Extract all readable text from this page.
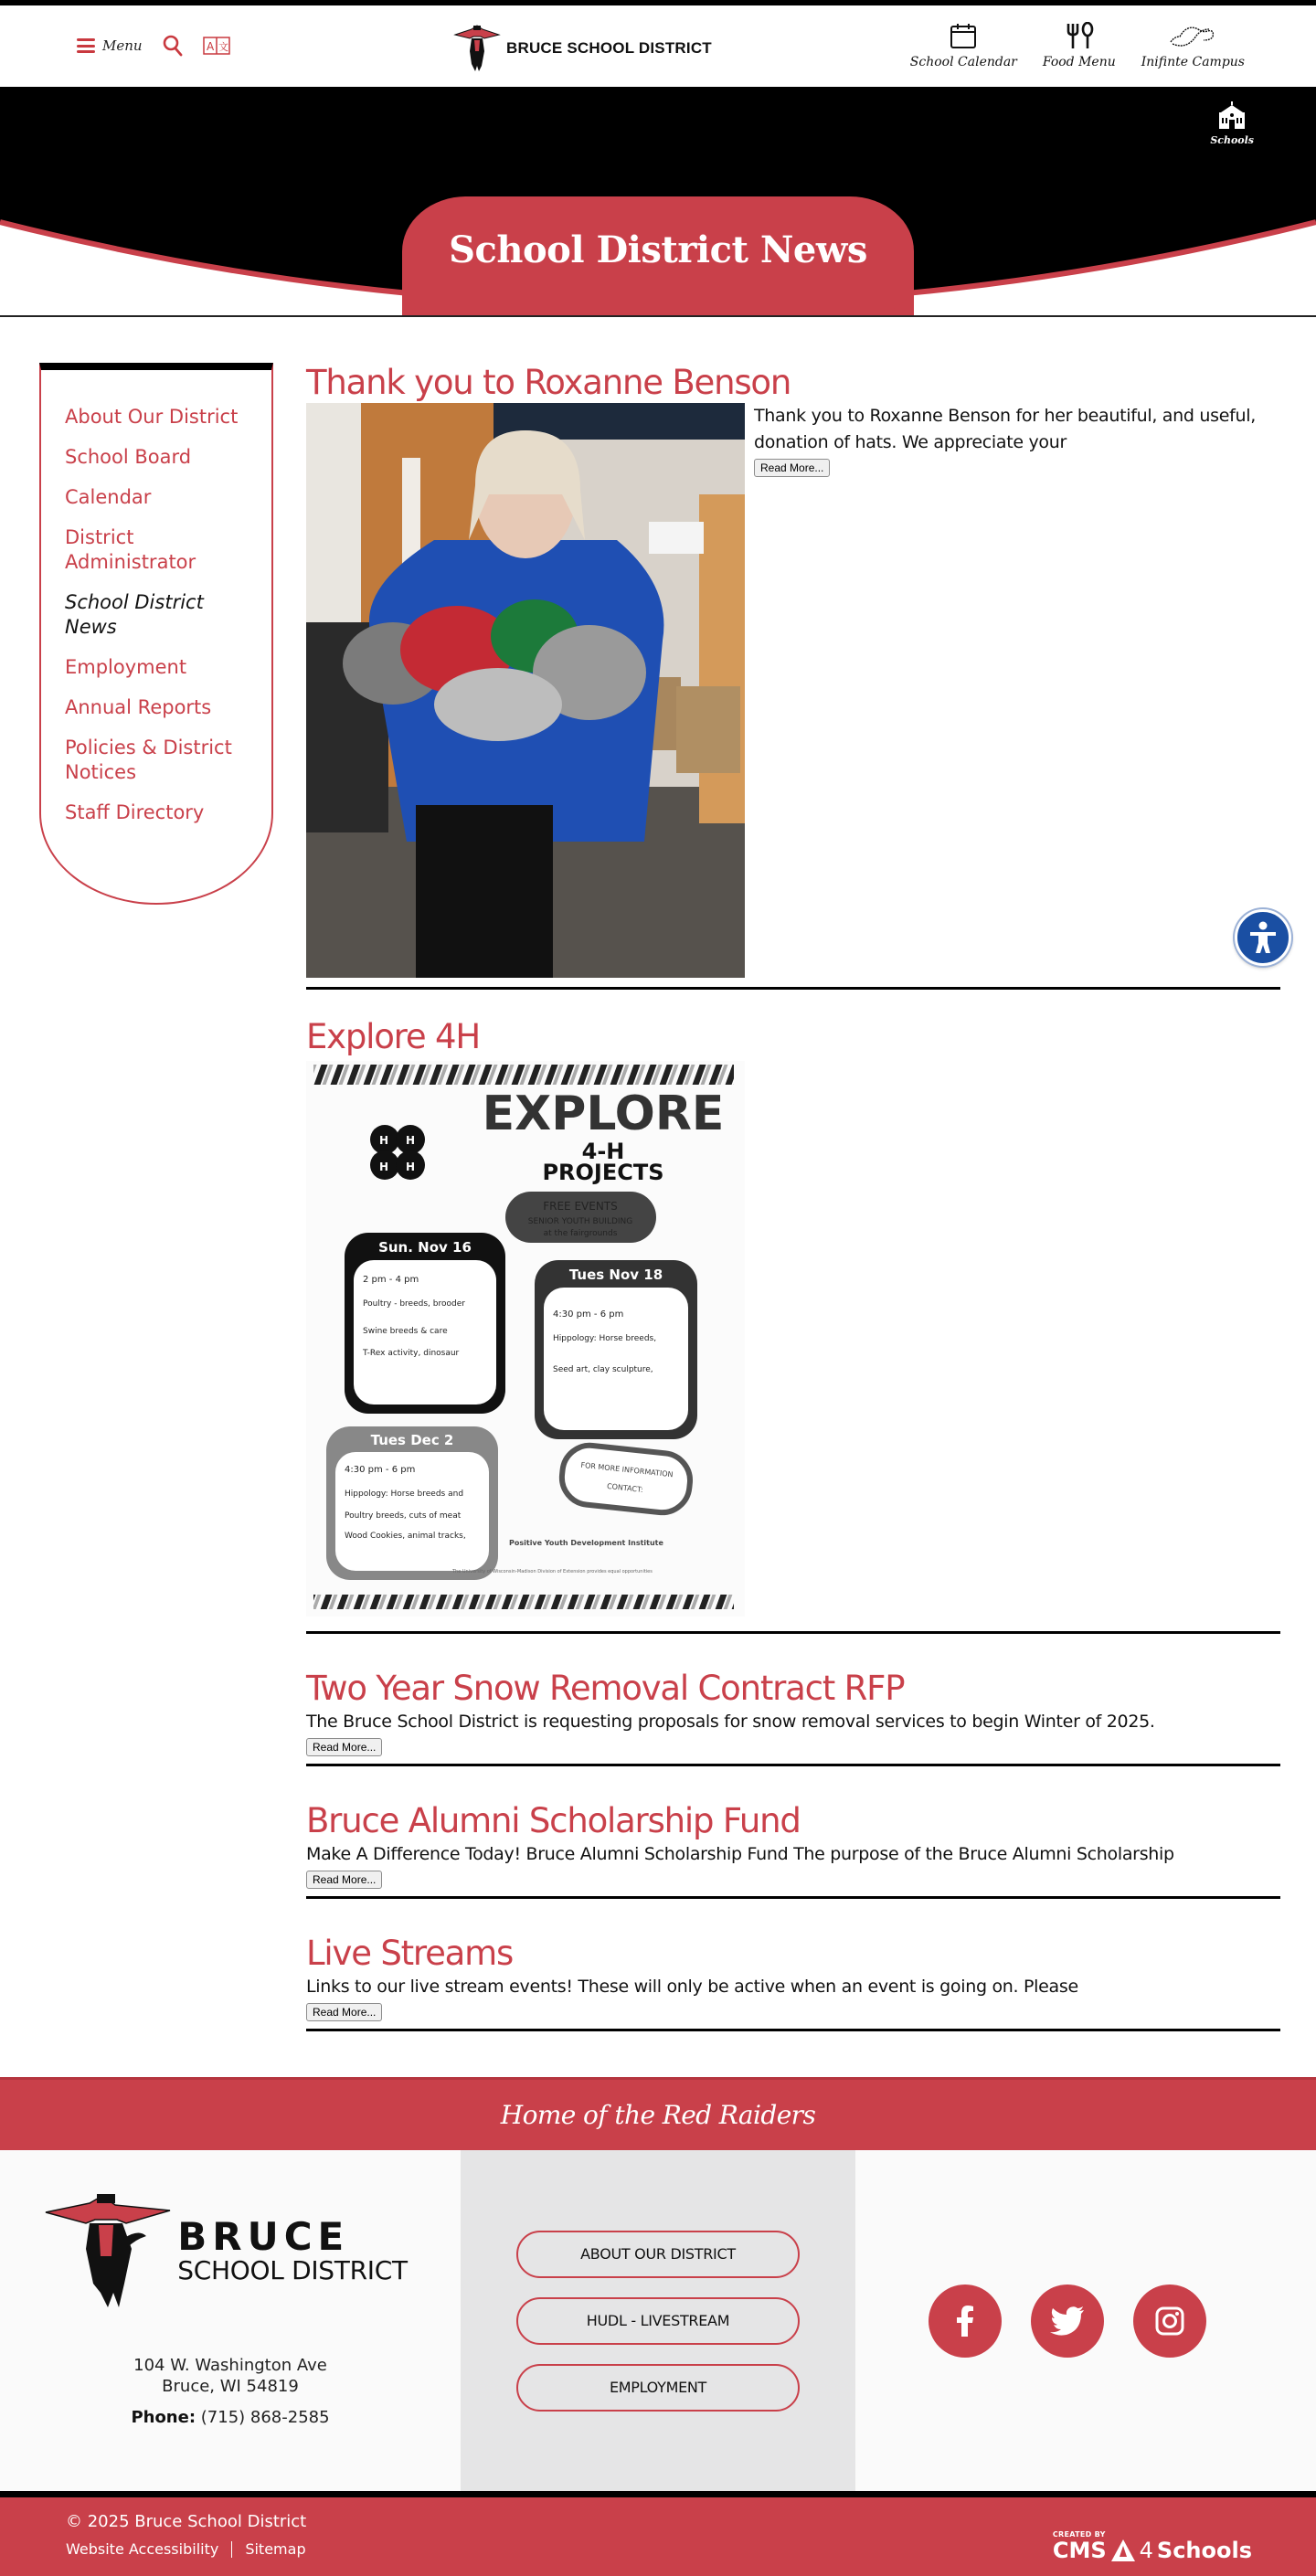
Menu	A 文	BRUCE SCHOOL DISTRICT
School Calendar Food Menu Inifinte Campus
Schools
School District News
About Our District
School Board
Calendar
District Administrator
School District News
Employment
Annual Reports
Policies & District Notices
Staff Directory
Thank you to Roxanne Benson

Thank you to Roxanne Benson for her beautiful, and useful, donation of hats. We appreciate your

Read More...
Explore 4H
H H
H H
EXPLORE
4-H
PROJECTS
FREE EVENTS
SENIOR YOUTH BUILDING
at the fairgrounds
Sun. Nov 16
2 pm - 4 pm
Poultry - breeds, brooder
Swine breeds & care
T-Rex activity, dinosaur
Tues Nov 18
4:30 pm - 6 pm
Hippology: Horse breeds,
Seed art, clay sculpture,
Tues Dec 2
4:30 pm - 6 pm
Hippology: Horse breeds and
Poultry breeds, cuts of meat
Wood Cookies, animal tracks,
FOR MORE INFORMATION
CONTACT:
Positive Youth Development Institute
The University of Wisconsin-Madison Division of Extension provides equal opportunities
Two Year Snow Removal Contract RFP

The Bruce School District is requesting proposals for snow removal services to begin Winter of 2025.

Read More...
Bruce Alumni Scholarship Fund

Make A Difference Today! Bruce Alumni Scholarship Fund The purpose of the Bruce Alumni Scholarship

Read More...
Live Streams

Links to our live stream events! These will only be active when an event is going on. Please

Read More...

Home of the Red Raiders

BRUCE
SCHOOL DISTRICT
104 W. Washington Ave
Bruce, WI 54819
Phone: (715) 868-2585
ABOUT OUR DISTRICT
HUDL - LIVESTREAM
EMPLOYMENT
© 2025 Bruce School District
Website Accessibility Sitemap
CREATED BY
CMS 4 Schools
